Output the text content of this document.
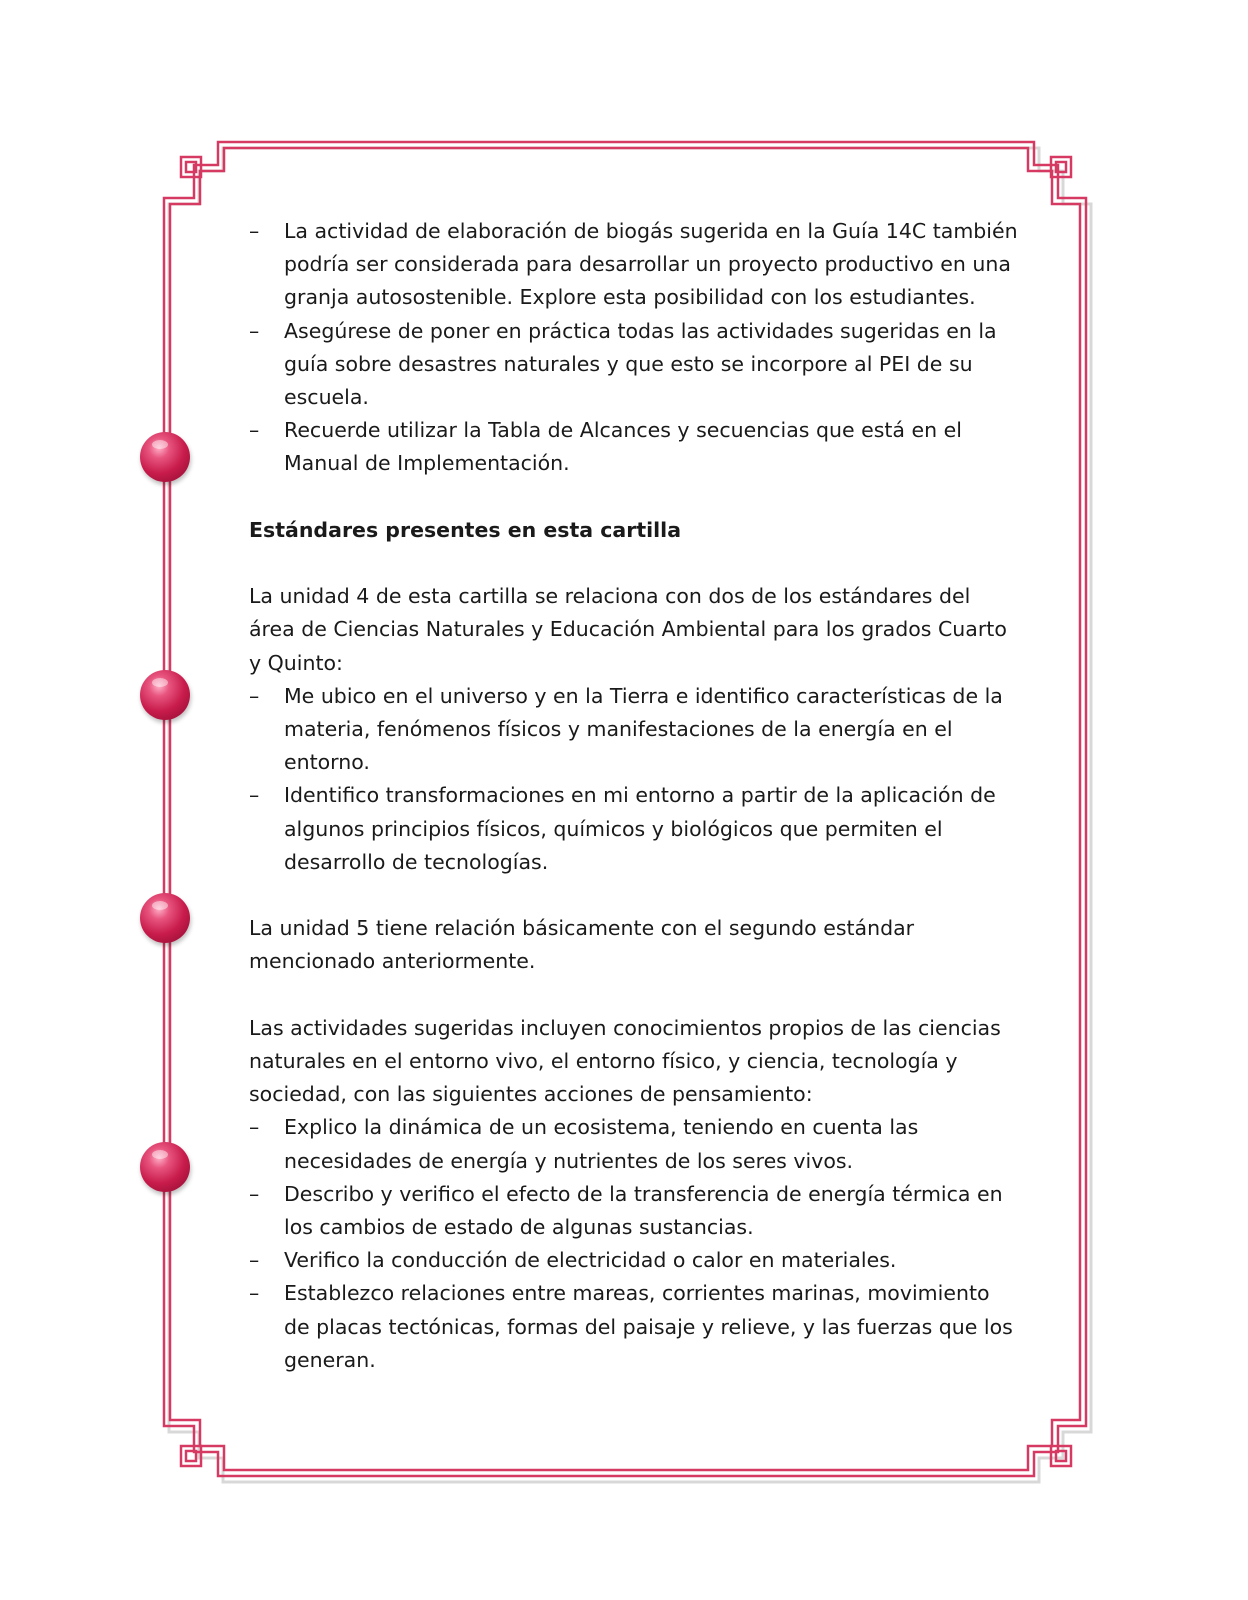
– La actividad de elaboración de biogás sugerida en la Guía 14C también podría ser considerada para desarrollar un proyecto productivo en una granja autosostenible. Explore esta posibilidad con los estudiantes.
– Asegúrese de poner en práctica todas las actividades sugeridas en la guía sobre desastres naturales y que esto se incorpore al PEI de su escuela.
– Recuerde utilizar la Tabla de Alcances y secuencias que está en el Manual de Implementación.

Estándares presentes en esta cartilla

La unidad 4 de esta cartilla se relaciona con dos de los estándares del área de Ciencias Naturales y Educación Ambiental para los grados Cuarto y Quinto:

– Me ubico en el universo y en la Tierra e identifico características de la materia, fenómenos físicos y manifestaciones de la energía en el entorno.
– Identifico transformaciones en mi entorno a partir de la aplicación de algunos principios físicos, químicos y biológicos que permiten el desarrollo de tecnologías.

La unidad 5 tiene relación básicamente con el segundo estándar mencionado anteriormente.

Las actividades sugeridas incluyen conocimientos propios de las ciencias naturales en el entorno vivo, el entorno físico, y ciencia, tecnología y sociedad, con las siguientes acciones de pensamiento:

– Explico la dinámica de un ecosistema, teniendo en cuenta las necesidades de energía y nutrientes de los seres vivos.
– Describo y verifico el efecto de la transferencia de energía térmica en los cambios de estado de algunas sustancias.
– Verifico la conducción de electricidad o calor en materiales.
– Establezco relaciones entre mareas, corrientes marinas, movimiento de placas tectónicas, formas del paisaje y relieve, y las fuerzas que los generan.
